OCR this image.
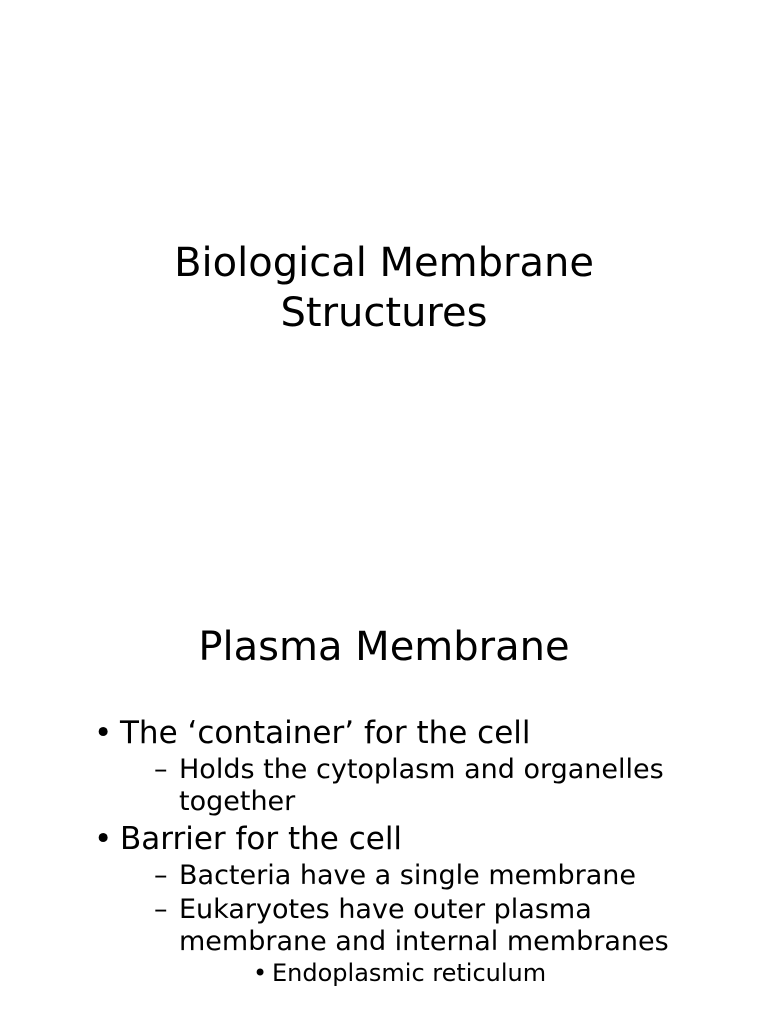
Biological Membrane
Structures
Plasma Membrane
• The ‘container’ for the cell
– Holds the cytoplasm and organelles together
• Barrier for the cell
– Bacteria have a single membrane
– Eukaryotes have outer plasma membrane and internal membranes
• Endoplasmic reticulum
